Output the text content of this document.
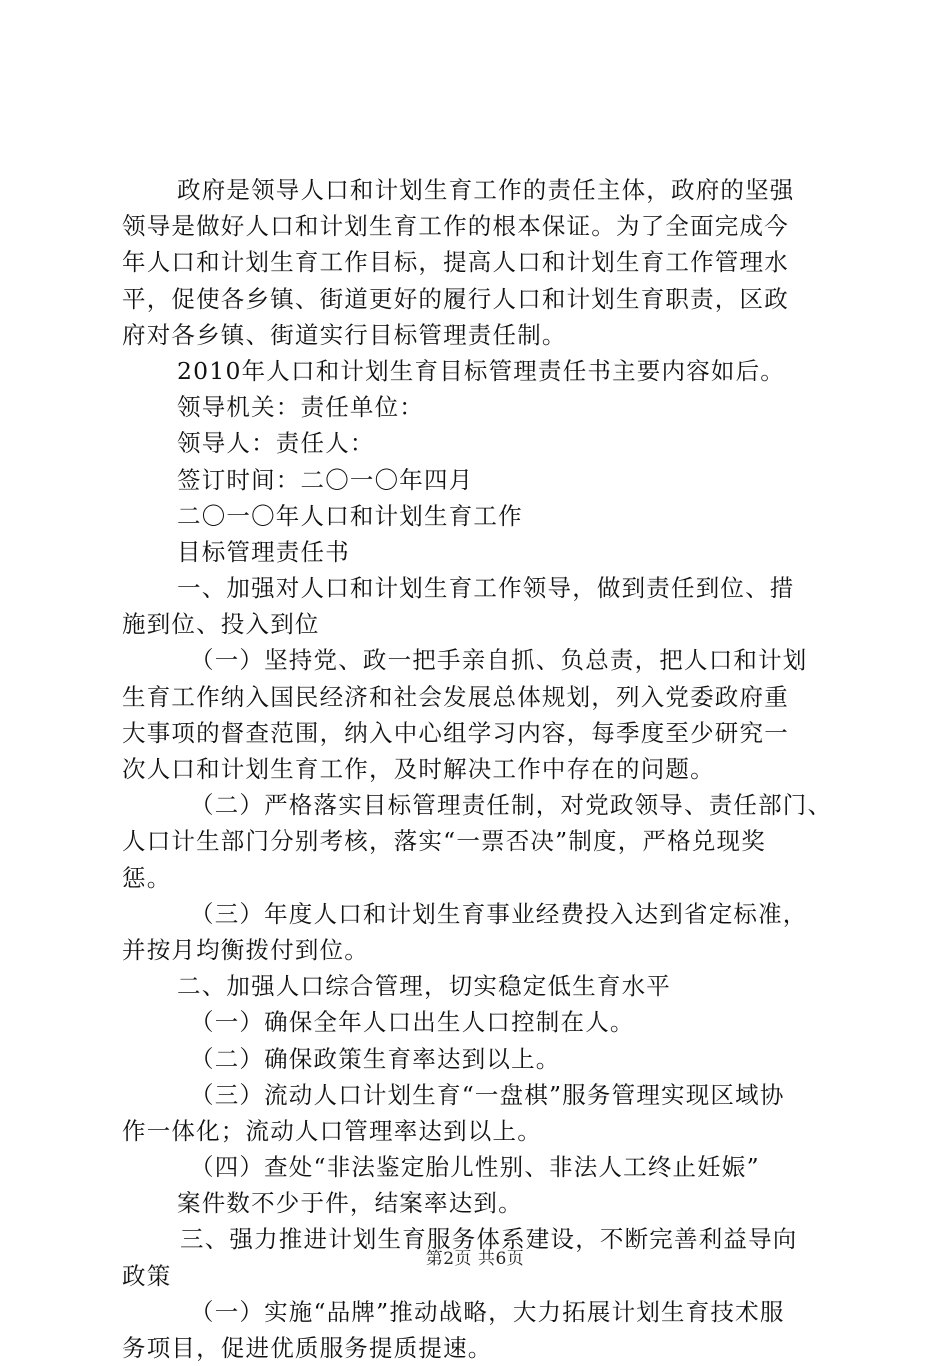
政府是领导人口和计划生育工作的责任主体，政府的坚强
领导是做好人口和计划生育工作的根本保证。为了全面完成今
年人口和计划生育工作目标，提高人口和计划生育工作管理水
平，促使各乡镇、街道更好的履行人口和计划生育职责，区政
府对各乡镇、街道实行目标管理责任制。
2010年人口和计划生育目标管理责任书主要内容如后。
领导机关：责任单位：
领导人：责任人：
签订时间：二〇一〇年四月
二〇一〇年人口和计划生育工作
目标管理责任书
一、加强对人口和计划生育工作领导，做到责任到位、措
施到位、投入到位
（一）坚持党、政一把手亲自抓、负总责，把人口和计划
生育工作纳入国民经济和社会发展总体规划，列入党委政府重
大事项的督查范围，纳入中心组学习内容，每季度至少研究一
次人口和计划生育工作，及时解决工作中存在的问题。
（二）严格落实目标管理责任制，对党政领导、责任部门、
人口计生部门分别考核，落实“一票否决”制度，严格兑现奖
惩。
（三）年度人口和计划生育事业经费投入达到省定标准，
并按月均衡拨付到位。
二、加强人口综合管理，切实稳定低生育水平
（一）确保全年人口出生人口控制在人。
（二）确保政策生育率达到以上。
（三）流动人口计划生育“一盘棋”服务管理实现区域协
作一体化；流动人口管理率达到以上。
（四）查处“非法鉴定胎儿性别、非法人工终止妊娠”
案件数不少于件，结案率达到。
三、强力推进计划生育服务体系建设，不断完善利益导向
政策
（一）实施“品牌”推动战略，大力拓展计划生育技术服
务项目，促进优质服务提质提速。
第2页 共6页
